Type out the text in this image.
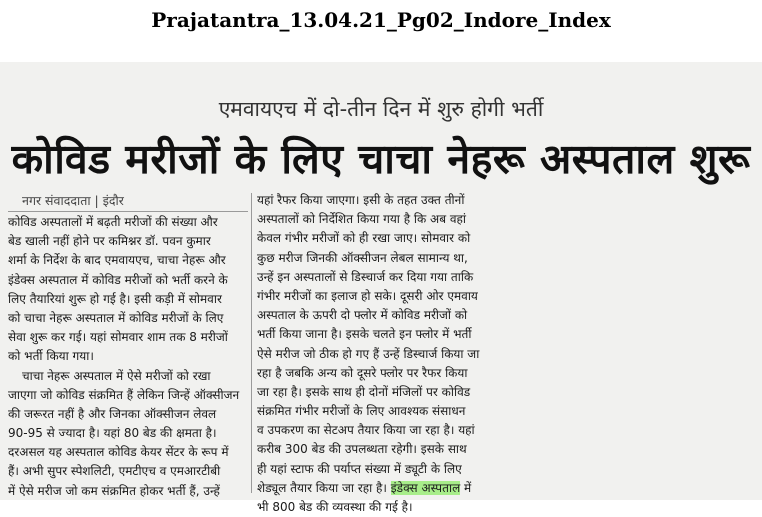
Prajatantra_13.04.21_Pg02_Indore_Index
एमवायएच में दो-तीन दिन में शुरु होगी भर्ती
कोविड मरीजों के लिए चाचा नेहरू अस्पताल शुरू
नगर संवाददाता | इंदौर
कोविड अस्पतालों में बढ़ती मरीजों की संख्या और
बेड खाली नहीं होने पर कमिश्नर डॉ. पवन कुमार
शर्मा के निर्देश के बाद एमवायएच, चाचा नेहरू और
इंडेक्स अस्पताल में कोविड मरीजों को भर्ती करने के
लिए तैयारियां शुरू हो गई है। इसी कड़ी में सोमवार
को चाचा नेहरू अस्पताल में कोविड मरीजों के लिए
सेवा शुरू कर गई। यहां सोमवार शाम तक 8 मरीजों
को भर्ती किया गया।
चाचा नेहरू अस्पताल में ऐसे मरीजों को रखा
जाएगा जो कोविड संक्रमित हैं लेकिन जिन्हें ऑक्सीजन
की जरूरत नहीं है और जिनका ऑक्सीजन लेवल
90-95 से ज्यादा है। यहां 80 बेड की क्षमता है।
दरअसल यह अस्पताल कोविड केयर सेंटर के रूप में
हैं। अभी सुपर स्पेशलिटी, एमटीएच व एमआरटीबी
में ऐसे मरीज जो कम संक्रमित होकर भर्ती हैं, उन्हें
यहां रैफर किया जाएगा। इसी के तहत उक्त तीनों
अस्पतालों को निर्देशित किया गया है कि अब वहां
केवल गंभीर मरीजों को ही रखा जाए। सोमवार को
कुछ मरीज जिनकी ऑक्सीजन लेबल सामान्य था,
उन्हें इन अस्पतालों से डिस्चार्ज कर दिया गया ताकि
गंभीर मरीजों का इलाज हो सके। दूसरी ओर एमवाय
अस्पताल के ऊपरी दो फ्लोर में कोविड मरीजों को
भर्ती किया जाना है। इसके चलते इन फ्लोर में भर्ती
ऐसे मरीज जो ठीक हो गए हैं उन्हें डिस्चार्ज किया जा
रहा है जबकि अन्य को दूसरे फ्लोर पर रैफर किया
जा रहा है। इसके साथ ही दोनों मंजिलों पर कोविड
संक्रमित गंभीर मरीजों के लिए आवश्यक संसाधन
व उपकरण का सेटअप तैयार किया जा रहा है। यहां
करीब 300 बेड की उपलब्धता रहेगी। इसके साथ
ही यहां स्टाफ की पर्याप्त संख्या में ड्यूटी के लिए
शेड्यूल तैयार किया जा रहा है। इंडेक्स अस्पताल में
भी 800 बेड की व्यवस्था की गई है।
